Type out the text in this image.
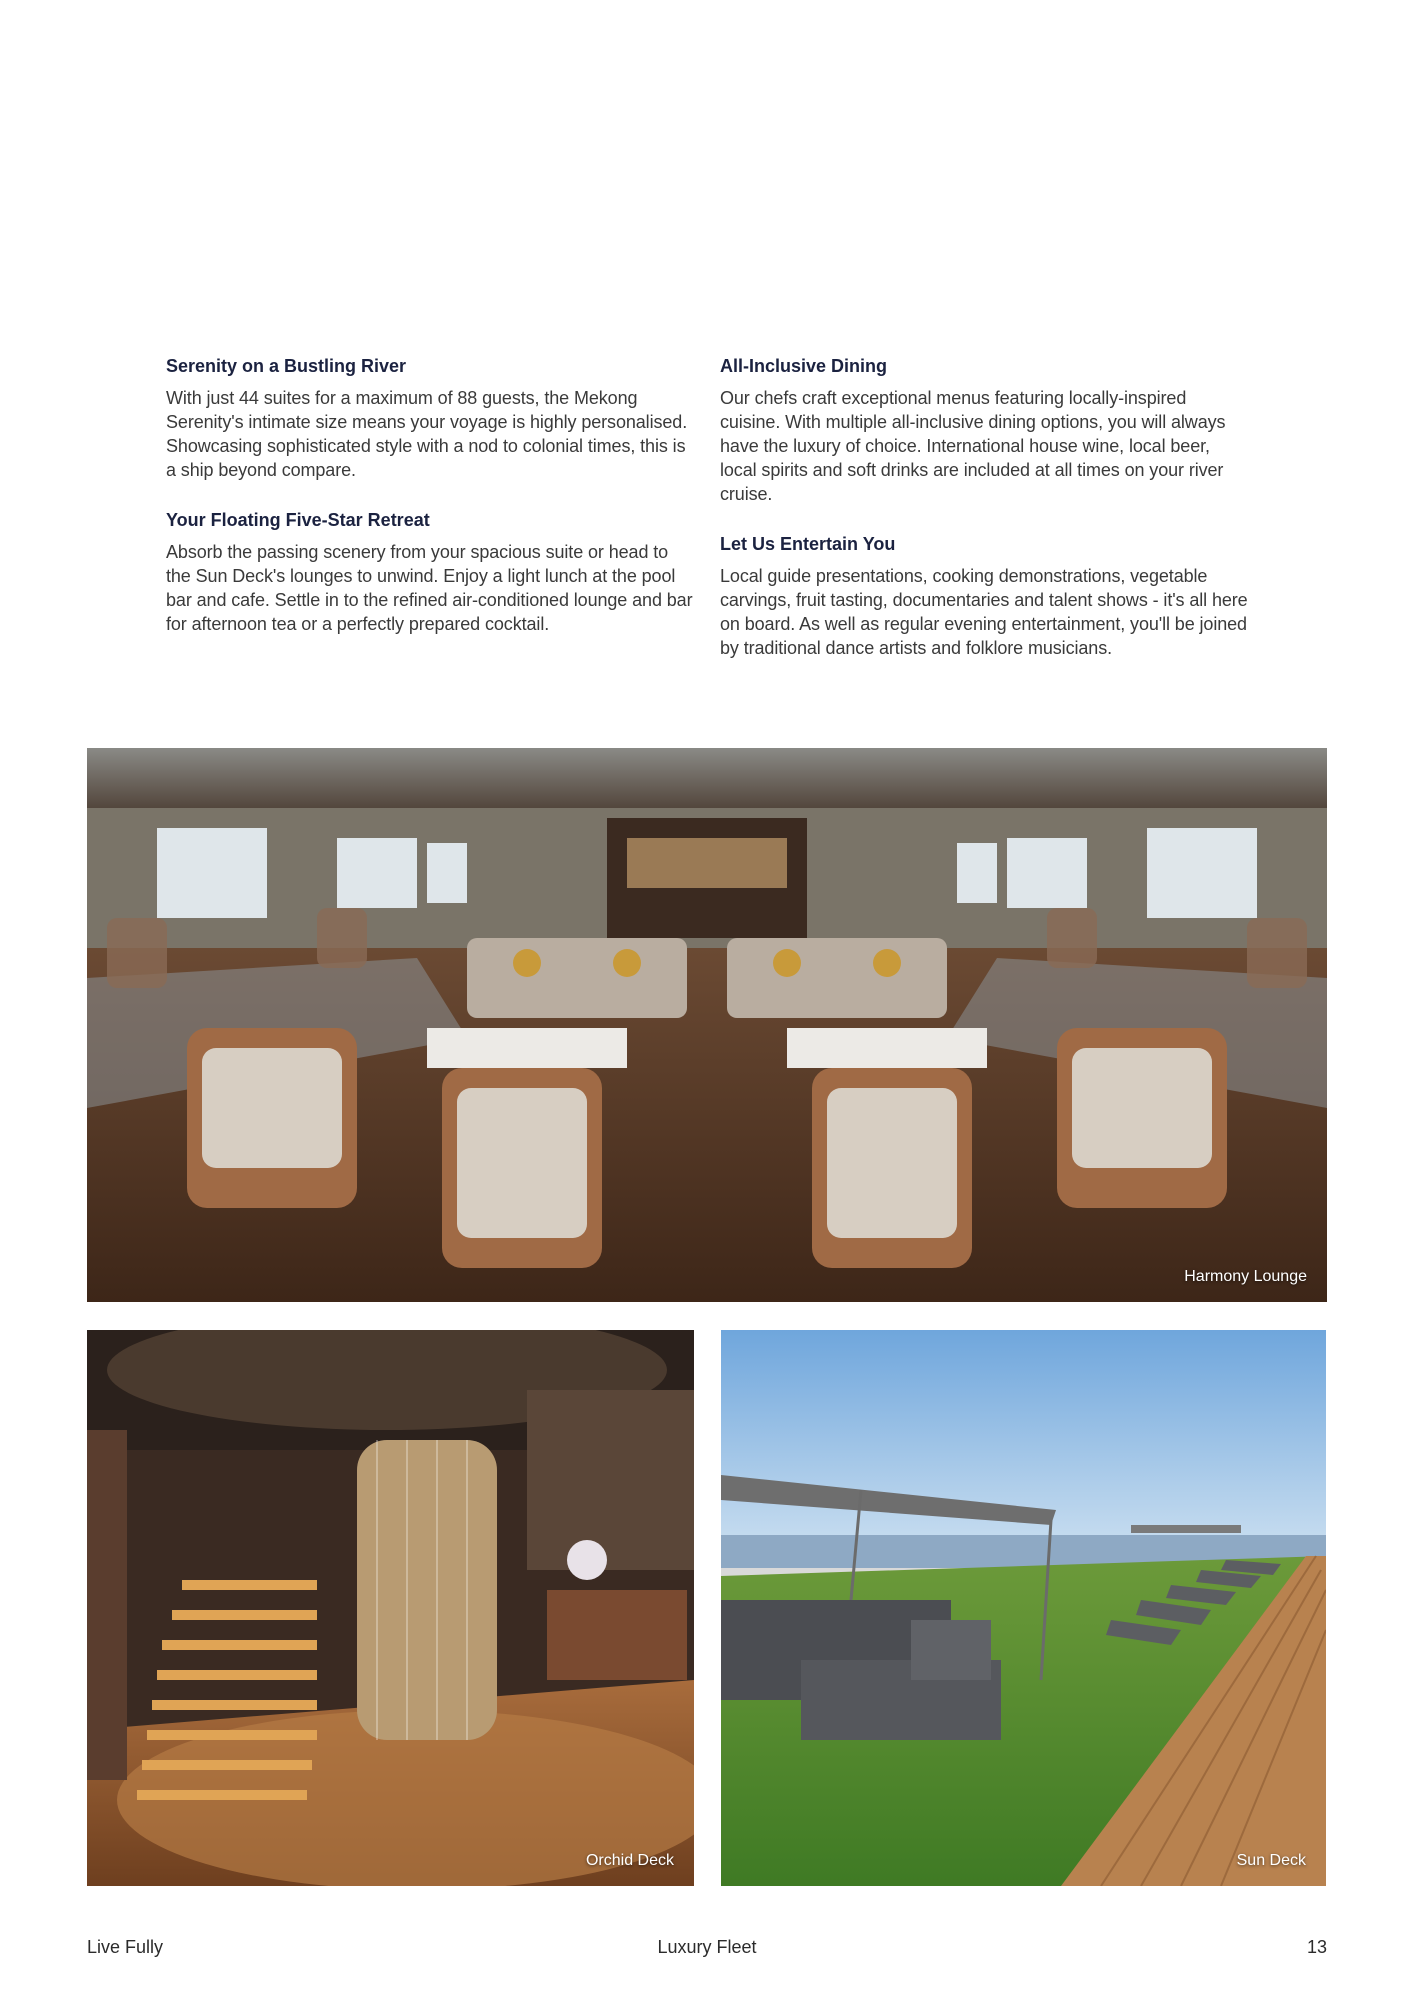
Serenity on a Bustling River

With just 44 suites for a maximum of 88 guests, the Mekong Serenity's intimate size means your voyage is highly personalised. Showcasing sophisticated style with a nod to colonial times, this is a ship beyond compare.

Your Floating Five-Star Retreat

Absorb the passing scenery from your spacious suite or head to the Sun Deck's lounges to unwind. Enjoy a light lunch at the pool bar and cafe. Settle in to the refined air-conditioned lounge and bar for afternoon tea or a perfectly prepared cocktail.

All-Inclusive Dining

Our chefs craft exceptional menus featuring locally-inspired cuisine. With multiple all-inclusive dining options, you will always have the luxury of choice. International house wine, local beer, local spirits and soft drinks are included at all times on your river cruise.

Let Us Entertain You

Local guide presentations, cooking demonstrations, vegetable carvings, fruit tasting, documentaries and talent shows - it's all here on board. As well as regular evening entertainment, you'll be joined by traditional dance artists and folklore musicians.

Harmony Lounge
Orchid Deck	Sun Deck
Live Fully	Luxury Fleet	13
